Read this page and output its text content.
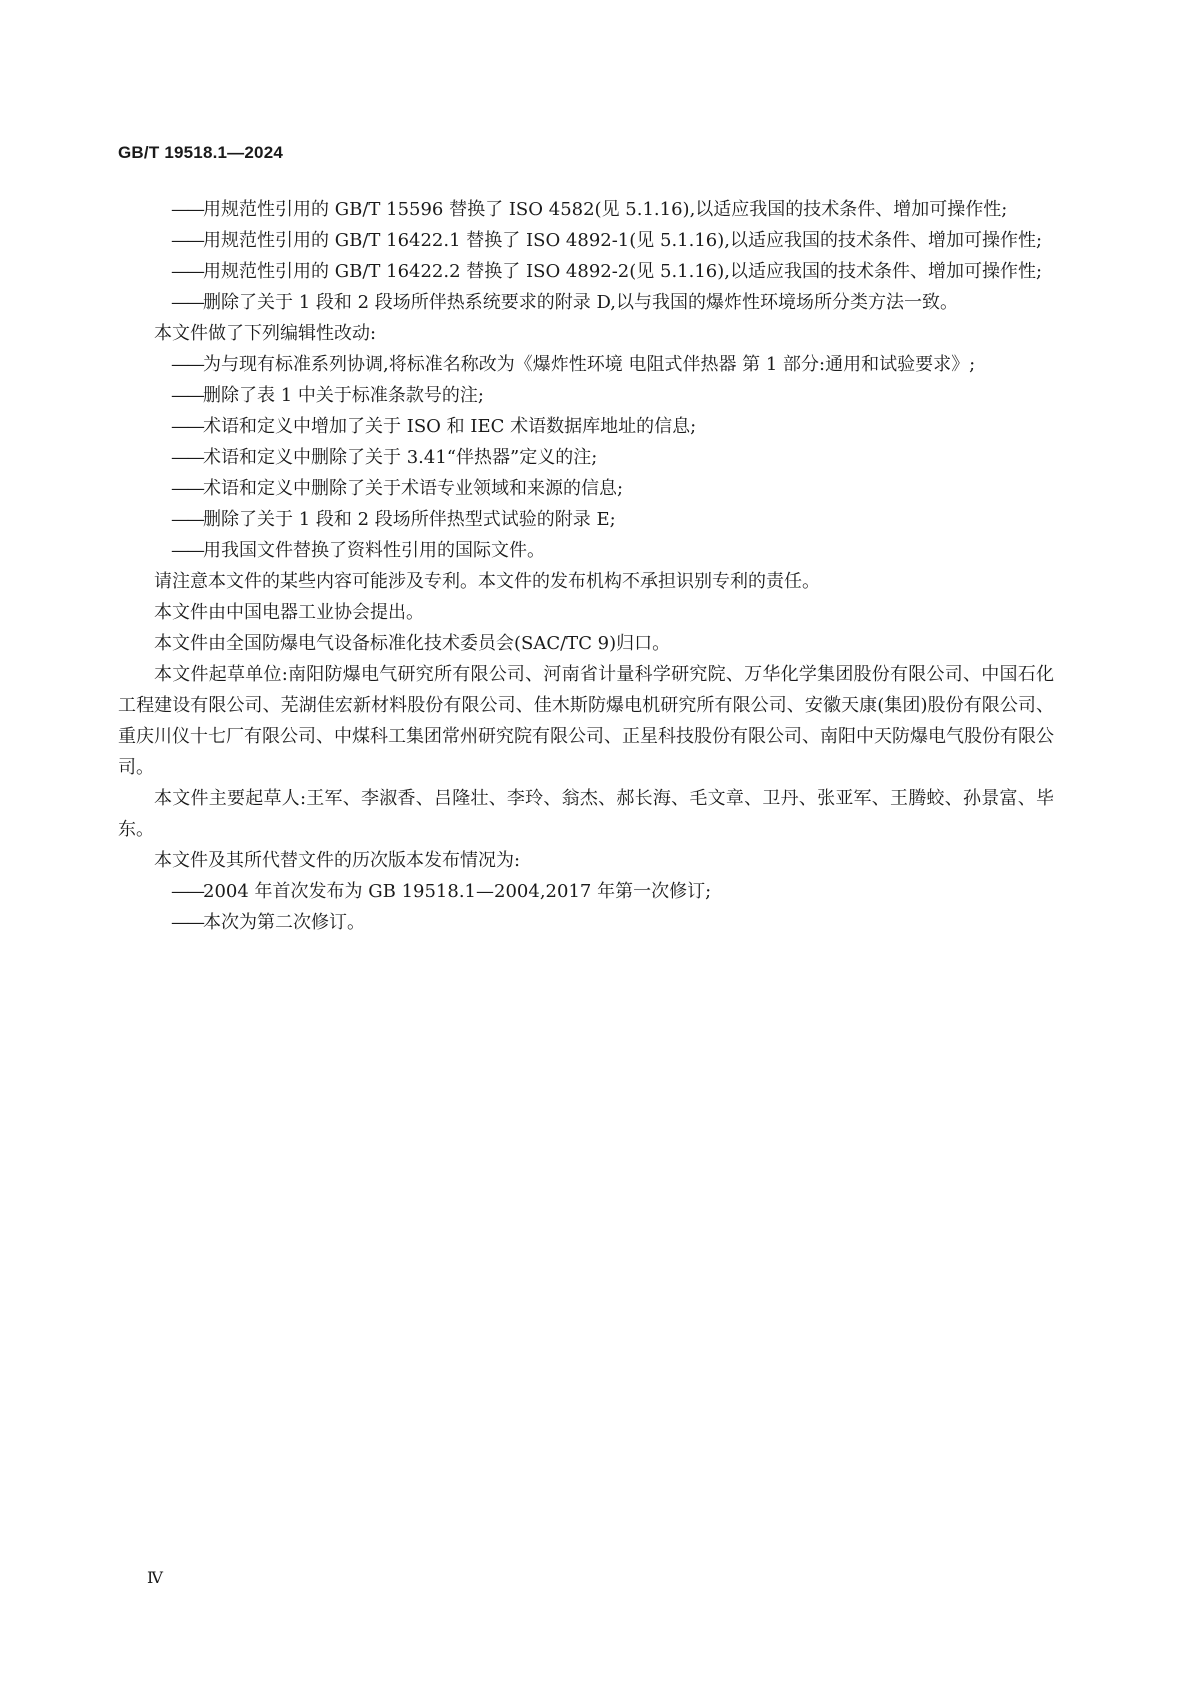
GB/T 19518.1—2024
—— 用规范性引用的 GB/T 15596 替换了 ISO 4582(见 5.1.16),以适应我国的技术条件、增加可操作性;
—— 用规范性引用的 GB/T 16422.1 替换了 ISO 4892-1(见 5.1.16),以适应我国的技术条件、增加可操作性;
—— 用规范性引用的 GB/T 16422.2 替换了 ISO 4892-2(见 5.1.16),以适应我国的技术条件、增加可操作性;
—— 删除了关于 1 段和 2 段场所伴热系统要求的附录 D,以与我国的爆炸性环境场所分类方法一致。
本文件做了下列编辑性改动:
—— 为与现有标准系列协调,将标准名称改为《爆炸性环境 电阻式伴热器 第 1 部分:通用和试验要求》;
—— 删除了表 1 中关于标准条款号的注;
—— 术语和定义中增加了关于 ISO 和 IEC 术语数据库地址的信息;
—— 术语和定义中删除了关于 3.41“伴热器”定义的注;
—— 术语和定义中删除了关于术语专业领域和来源的信息;
—— 删除了关于 1 段和 2 段场所伴热型式试验的附录 E;
—— 用我国文件替换了资料性引用的国际文件。
请注意本文件的某些内容可能涉及专利。本文件的发布机构不承担识别专利的责任。
本文件由中国电器工业协会提出。
本文件由全国防爆电气设备标准化技术委员会(SAC/TC 9)归口。
本文件起草单位:南阳防爆电气研究所有限公司、河南省计量科学研究院、万华化学集团股份有限公司、中国石化工程建设有限公司、芜湖佳宏新材料股份有限公司、佳木斯防爆电机研究所有限公司、安徽天康(集团)股份有限公司、重庆川仪十七厂有限公司、中煤科工集团常州研究院有限公司、正星科技股份有限公司、南阳中天防爆电气股份有限公司。
本文件主要起草人:王军、李淑香、吕隆壮、李玲、翁杰、郝长海、毛文章、卫丹、张亚军、王腾蛟、孙景富、毕东。
本文件及其所代替文件的历次版本发布情况为:
—— 2004 年首次发布为 GB 19518.1—2004,2017 年第一次修订;
—— 本次为第二次修订。
Ⅳ
